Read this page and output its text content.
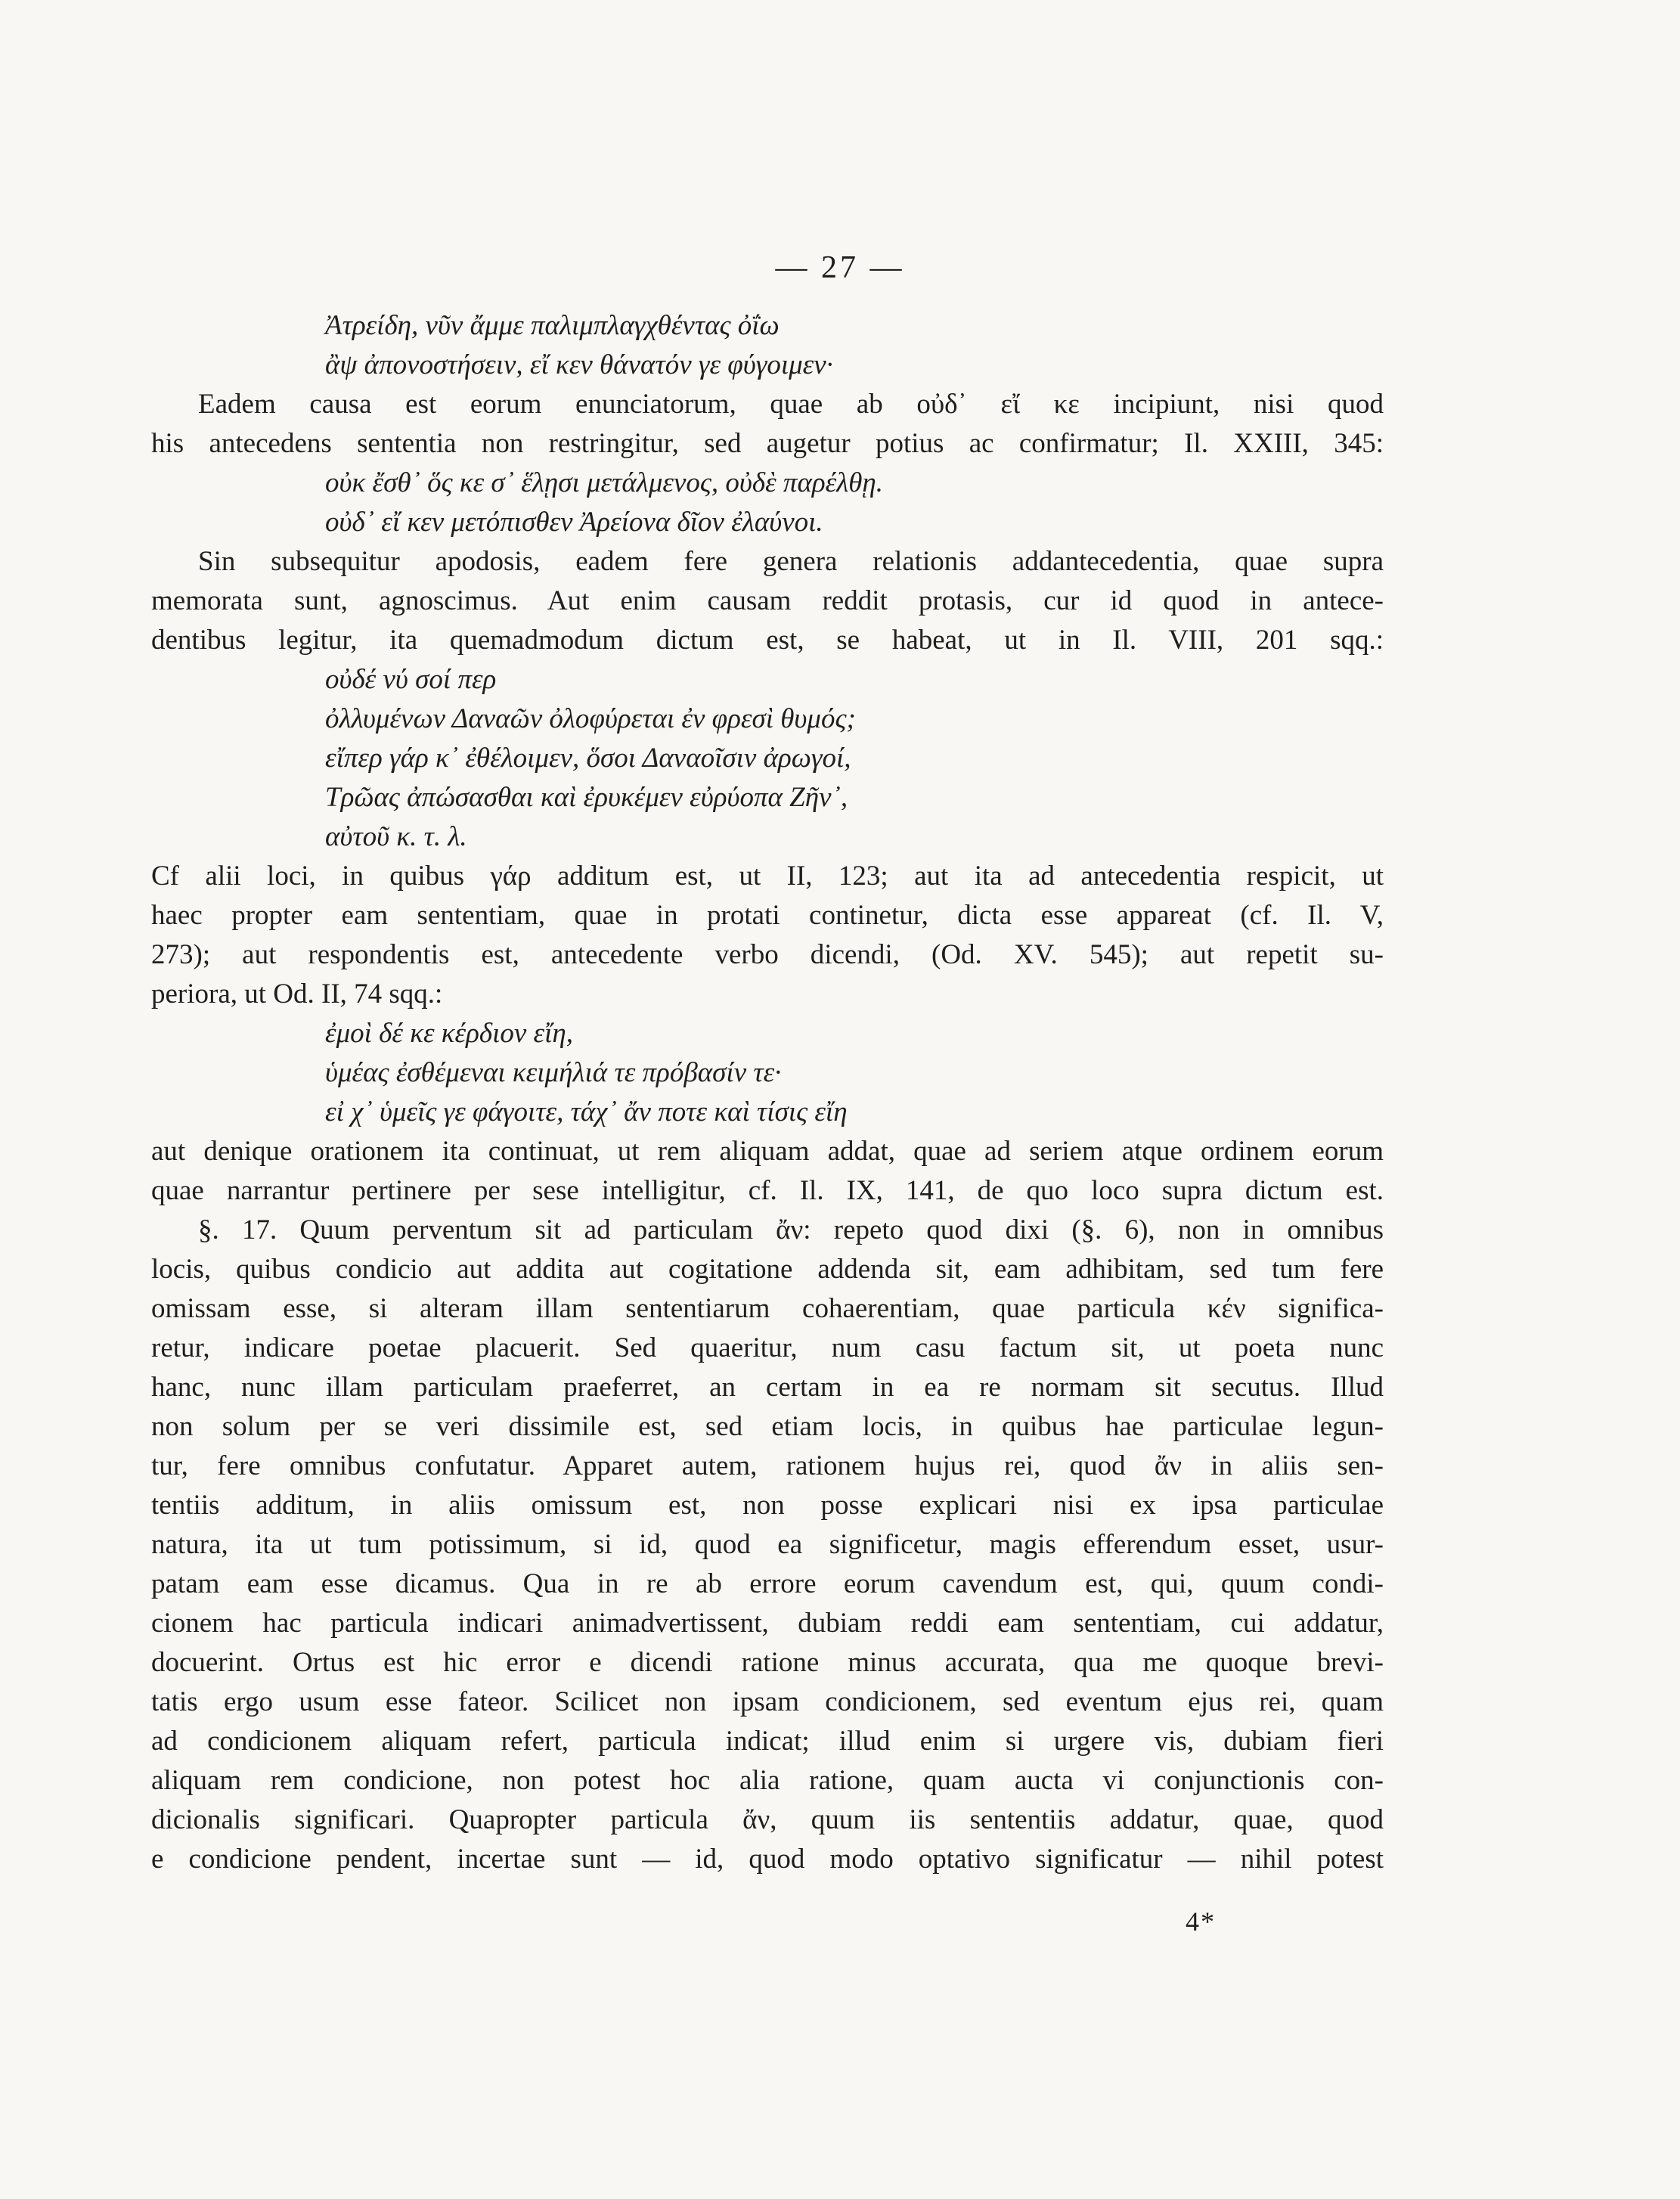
— 27 —
Ἀτρείδη, νῦν ἄμμε παλιμπλαγχθέντας ὀΐω
ἂψ ἀπονοστήσειν, εἴ κεν θάνατόν γε φύγοιμεν·
Eadem causa est eorum enunciatorum, quae ab οὐδ᾽ εἴ κε incipiunt, nisi quod
his antecedens sententia non restringitur, sed augetur potius ac confirmatur; Il. XXIII, 345:
οὐκ ἔσθ᾽ ὅς κε σ᾽ ἕλῃσι μετάλμενος, οὐδὲ παρέλθῃ.
οὐδ᾽ εἴ κεν μετόπισθεν Ἀρείονα δῖον ἐλαύνοι.
Sin subsequitur apodosis, eadem fere genera relationis addantecedentia, quae supra
memorata sunt, agnoscimus. Aut enim causam reddit protasis, cur id quod in antece-
dentibus legitur, ita quemadmodum dictum est, se habeat, ut in Il. VIII, 201 sqq.:
οὐδέ νύ σοί περ
ὀλλυμένων Δαναῶν ὀλοφύρεται ἐν φρεσὶ θυμός;
εἴπερ γάρ κ᾽ ἐθέλοιμεν, ὅσοι Δαναοῖσιν ἀρωγοί,
Τρῶας ἀπώσασθαι καὶ ἐρυκέμεν εὐρύοπα Ζῆν᾽,
αὐτοῦ κ. τ. λ.
Cf alii loci, in quibus γάρ additum est, ut II, 123; aut ita ad antecedentia respicit, ut
haec propter eam sententiam, quae in protati continetur, dicta esse appareat (cf. Il. V,
273); aut respondentis est, antecedente verbo dicendi, (Od. XV. 545); aut repetit su-
periora, ut Od. II, 74 sqq.:
ἐμοὶ δέ κε κέρδιον εἴη,
ὑμέας ἐσθέμεναι κειμήλιά τε πρόβασίν τε·
εἰ χ᾽ ὑμεῖς γε φάγοιτε, τάχ᾽ ἄν ποτε καὶ τίσις εἴη
aut denique orationem ita continuat, ut rem aliquam addat, quae ad seriem atque ordinem eorum
quae narrantur pertinere per sese intelligitur, cf. Il. IX, 141, de quo loco supra dictum est.
§. 17. Quum perventum sit ad particulam ἄν: repeto quod dixi (§. 6), non in omnibus
locis, quibus condicio aut addita aut cogitatione addenda sit, eam adhibitam, sed tum fere
omissam esse, si alteram illam sententiarum cohaerentiam, quae particula κέν significa-
retur, indicare poetae placuerit. Sed quaeritur, num casu factum sit, ut poeta nunc
hanc, nunc illam particulam praeferret, an certam in ea re normam sit secutus. Illud
non solum per se veri dissimile est, sed etiam locis, in quibus hae particulae legun-
tur, fere omnibus confutatur. Apparet autem, rationem hujus rei, quod ἄν in aliis sen-
tentiis additum, in aliis omissum est, non posse explicari nisi ex ipsa particulae
natura, ita ut tum potissimum, si id, quod ea significetur, magis efferendum esset, usur-
patam eam esse dicamus. Qua in re ab errore eorum cavendum est, qui, quum condi-
cionem hac particula indicari animadvertissent, dubiam reddi eam sententiam, cui addatur,
docuerint. Ortus est hic error e dicendi ratione minus accurata, qua me quoque brevi-
tatis ergo usum esse fateor. Scilicet non ipsam condicionem, sed eventum ejus rei, quam
ad condicionem aliquam refert, particula indicat; illud enim si urgere vis, dubiam fieri
aliquam rem condicione, non potest hoc alia ratione, quam aucta vi conjunctionis con-
dicionalis significari. Quapropter particula ἄν, quum iis sententiis addatur, quae, quod
e condicione pendent, incertae sunt — id, quod modo optativo significatur — nihil potest
4*
